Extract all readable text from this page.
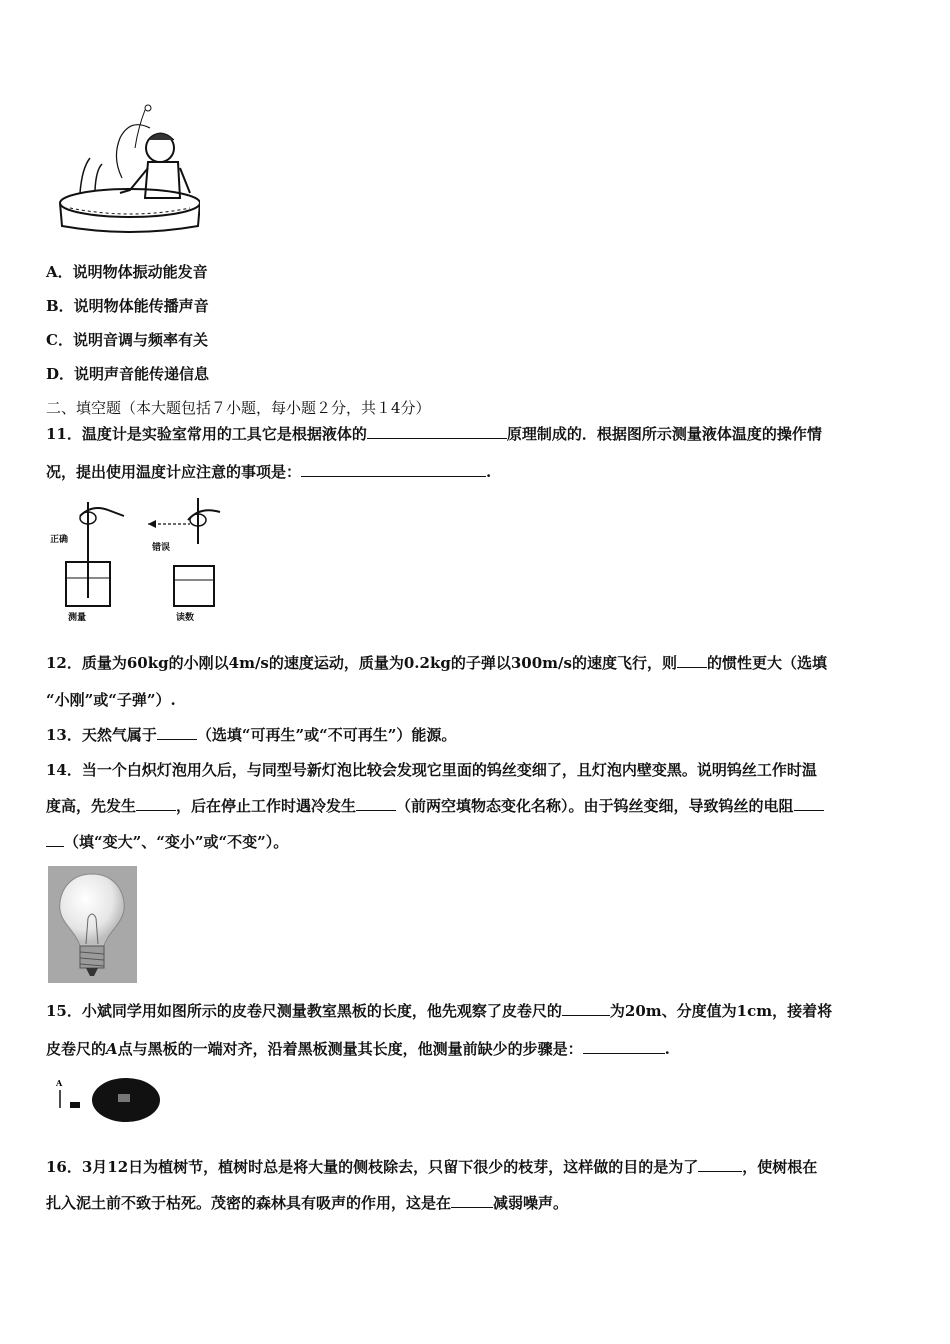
A．说明物体振动能发音
B．说明物体能传播声音
C．说明音调与频率有关
D．说明声音能传递信息
二、填空题（本大题包括７小题，每小题２分，共１4分）
11．温度计是实验室常用的工具它是根据液体的	原理制成的．根据图所示测量液体温度的操作情
况，提出使用温度计应注意的事项是：	.
正确
错误
测量	读数
12．质量为60kg的小刚以4m/s的速度运动，质量为0.2kg的子弹以300m/s的速度飞行，则 的惯性更大（选填
“小刚”或“子弹”）.
13．天然气属于	（选填“可再生”或“不可再生”）能源。
14．当一个白炽灯泡用久后，与同型号新灯泡比较会发现它里面的钨丝变细了，且灯泡内壁变黑。说明钨丝工作时温
度高，先发生	，后在停止工作时遇冷发生	（前两空填物态变化名称）。由于钨丝变细，导致钨丝的电阻
（填“变大”、“变小”或“不变”）。
15．小斌同学用如图所示的皮卷尺测量教室黑板的长度，他先观察了皮卷尺的	为20m、分度值为1cm，接着将
皮卷尺的A点与黑板的一端对齐，沿着黑板测量其长度，他测量前缺少的步骤是：	.
A
16．3月12日为植树节，植树时总是将大量的侧枝除去，只留下很少的枝芽，这样做的目的是为了	，使树根在
扎入泥土前不致于枯死。茂密的森林具有吸声的作用，这是在	减弱噪声。
